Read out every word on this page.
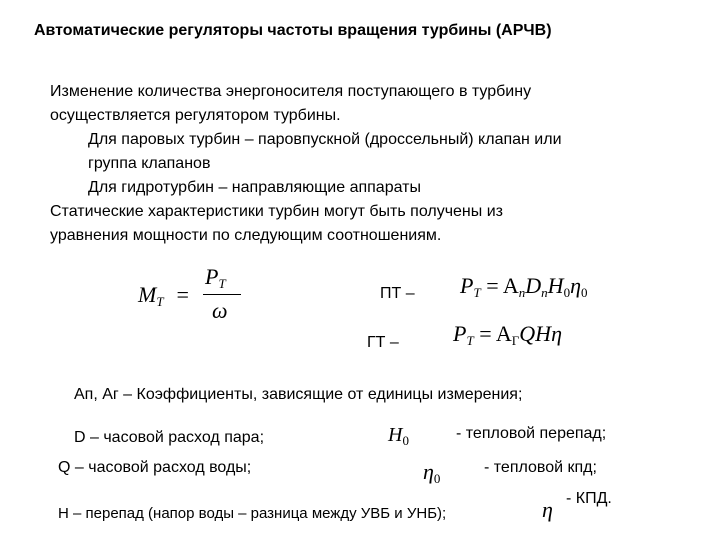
Автоматические регуляторы частоты вращения турбины (АРЧВ)
Изменение количества энергоносителя поступающего в турбину
осуществляется регулятором турбины.
Для паровых турбин – паровпускной (дроссельный) клапан или
группа клапанов
Для гидротурбин – направляющие аппараты
Статические характеристики турбин могут быть получены из
уравнения мощности по следующим соотношениям.
MT =
PT
ω
ПТ – PT = AnDnH0η0
ГТ – PT = AГQHη
Ап, Аг – Коэффициенты, зависящие от единицы измерения;
D – часовой расход пара;
Q – часовой расход воды;
H – перепад (напор воды – разница между УВБ и УНБ);
$H_0$	- тепловой перепад;
η0
- тепловой кпд;
η - КПД.
